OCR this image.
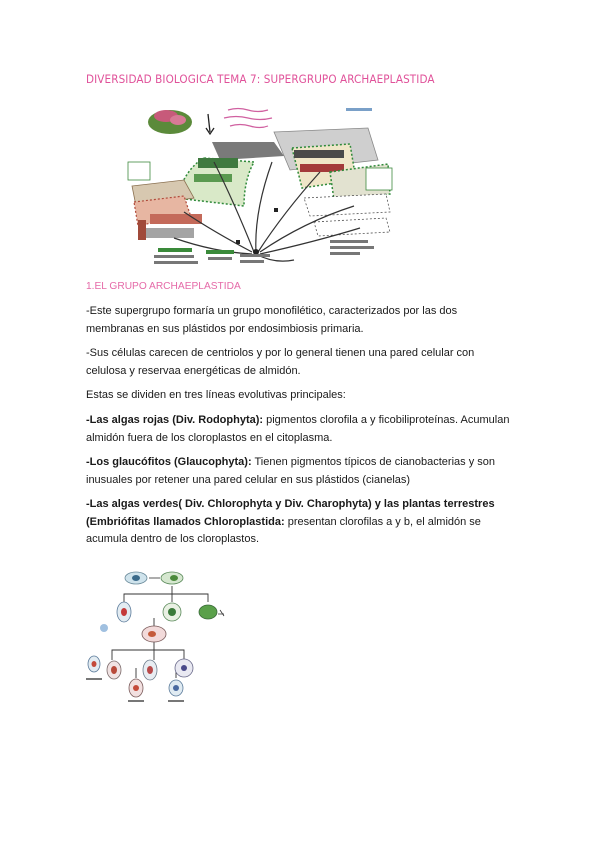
DIVERSIDAD BIOLOGICA TEMA 7: SUPERGRUPO ARCHAEPLASTIDA
1.EL GRUPO ARCHAEPLASTIDA

-Este supergrupo formaría un grupo monofilético, caracterizados por las dos membranas en sus plástidos por endosimbiosis primaria.

-Sus células carecen de centriolos y por lo general tienen una pared celular con celulosa y reservaa energéticas de almidón.

Estas se dividen en tres líneas evolutivas principales:

-Las algas rojas (Div. Rodophyta): pigmentos clorofila a y ficobiliproteínas. Acumulan almidón fuera de los cloroplastos en el citoplasma.

-Los glaucófitos (Glaucophyta): Tienen pigmentos típicos de cianobacterias y son inusuales por retener una pared celular en sus plástidos (cianelas)

-Las algas verdes( Div. Chlorophyta y Div. Charophyta) y las plantas terrestres (Embriófitas llamados Chloroplastida: presentan clorofilas a y b, el almidón se acumula dentro de los cloroplastos.
